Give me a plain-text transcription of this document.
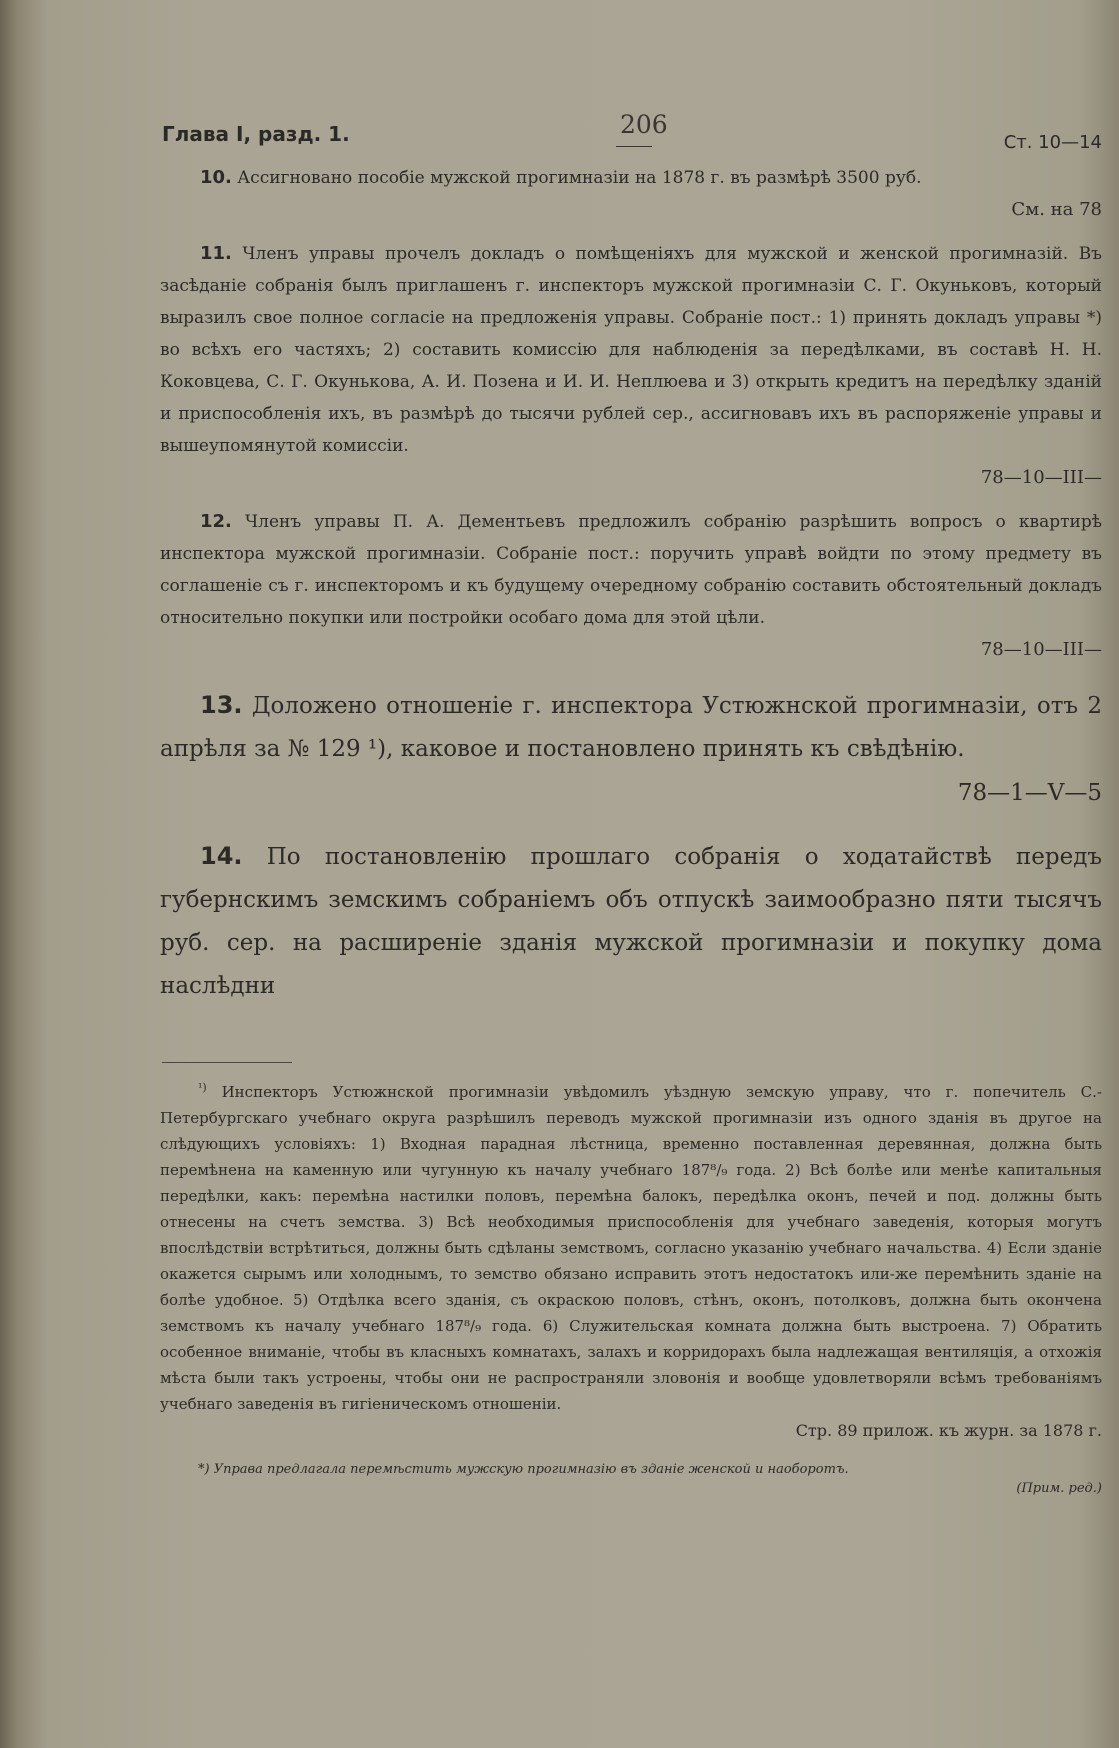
Глава I, разд. 1.	206
Ст. 10—14

10. Ассигновано пособіе мужской прогимназіи на 1878 г. въ размѣрѣ 3500 руб.

См. на 78

11. Членъ управы прочелъ докладъ о помѣщеніяхъ для мужской и женской прогимназій. Въ засѣданіе собранія былъ приглашенъ г. инспекторъ мужской прогимназіи С. Г. Окуньковъ, который выразилъ свое полное согласіе на предложенія управы. Собраніе пост.: 1) принять докладъ управы *) во всѣхъ его частяхъ; 2) составить комиссію для наблюденія за передѣлками, въ составѣ Н. Н. Коковцева, С. Г. Окунькова, А. И. Позена и И. И. Неплюева и 3) открыть кредитъ на передѣлку зданій и приспособленія ихъ, въ размѣрѣ до тысячи рублей сер., ассигновавъ ихъ въ распоряженіе управы и вышеупомянутой комиссіи.

78—10—III—

12. Членъ управы П. А. Дементьевъ предложилъ собранію разрѣшить вопросъ о квартирѣ инспектора мужской прогимназіи. Собраніе пост.: поручить управѣ войдти по этому предмету въ соглашеніе съ г. инспекторомъ и къ будущему очередному собранію составить обстоятельный докладъ относительно покупки или постройки особаго дома для этой цѣли.

78—10—III—

13. Доложено отношеніе г. инспектора Устюжнской прогимназіи, отъ 2 апрѣля за № 129 ¹), каковое и постановлено принять къ свѣдѣнію.

78—1—V—5

14. По постановленію прошлаго собранія о ходатайствѣ передъ губернскимъ земскимъ собраніемъ объ отпускѣ заимообразно пяти тысячъ руб. сер. на расширеніе зданія мужской прогимназіи и покупку дома наслѣдни

$^{^1)}$ Инспекторъ Устюжнской прогимназіи увѣдомилъ уѣздную земскую управу, что г. попечитель С.-Петербургскаго учебнаго округа разрѣшилъ переводъ мужской прогимназіи изъ одного зданія въ другое на слѣдующихъ условіяхъ: 1) Входная парадная лѣстница, временно поставленная деревянная, должна быть перемѣнена на каменную или чугунную къ началу учебнаго 187⁸/₉ года. 2) Всѣ болѣе или менѣе капитальныя передѣлки, какъ: перемѣна настилки половъ, перемѣна балокъ, передѣлка оконъ, печей и под. должны быть отнесены на счетъ земства. 3) Всѣ необходимыя приспособленія для учебнаго заведенія, которыя могутъ впослѣдствіи встрѣтиться, должны быть сдѣланы земствомъ, согласно указанію учебнаго начальства. 4) Если зданіе окажется сырымъ или холоднымъ, то земство обязано исправить этотъ недостатокъ или-же перемѣнить зданіе на болѣе удобное. 5) Отдѣлка всего зданія, съ окраскою половъ, стѣнъ, оконъ, потолковъ, должна быть окончена земствомъ къ началу учебнаго 187⁸/₉ года. 6) Служительская комната должна быть выстроена. 7) Обратить особенное вниманіе, чтобы въ класныхъ комнатахъ, залахъ и корридорахъ была надлежащая вентиляція, а отхожія мѣста были такъ устроены, чтобы они не распространяли зловонія и вообще удовлетворяли всѣмъ требованіямъ учебнаго заведенія въ гигіеническомъ отношеніи.

Стр. 89 прилож. къ журн. за 1878 г.

*) Управа предлагала перемѣстить мужскую прогимназію въ зданіе женской и наоборотъ.

(Прим. ред.)
